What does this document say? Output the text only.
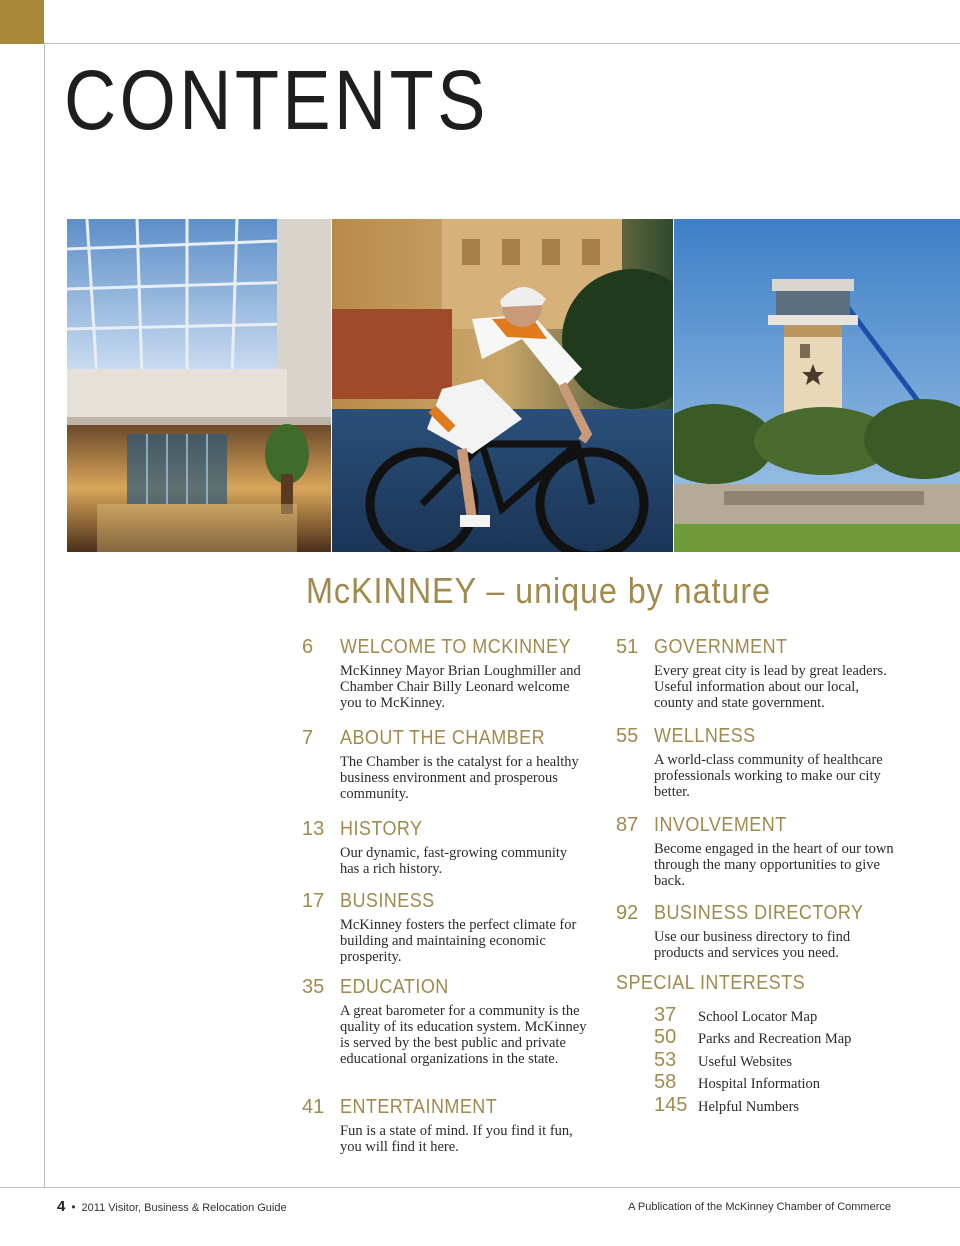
CONTENTS
McKINNEY – unique by nature
6 WELCOME TO MCKINNEY

McKinney Mayor Brian Loughmiller and Chamber Chair Billy Leonard welcome you to McKinney.

7 ABOUT THE CHAMBER

The Chamber is the catalyst for a healthy business environment and prosperous community.

13 HISTORY

Our dynamic, fast-growing community has a rich history.

17 BUSINESS

McKinney fosters the perfect climate for building and maintaining economic prosperity.

35 EDUCATION

A great barometer for a community is the quality of its education system. McKinney is served by the best public and private educational organizations in the state.

41 ENTERTAINMENT

Fun is a state of mind. If you find it fun, you will find it here.

51 GOVERNMENT

Every great city is lead by great leaders. Useful information about our local, county and state government.

55 WELLNESS

A world-class community of healthcare professionals working to make our city better.

87 INVOLVEMENT

Become engaged in the heart of our town through the many opportunities to give back.

92 BUSINESS DIRECTORY

Use our business directory to find products and services you need.

SPECIAL INTERESTS
37 School Locator Map
50 Parks and Recreation Map
53 Useful Websites
58 Hospital Information
145 Helpful Numbers
4 • 2011 Visitor, Business & Relocation Guide	A Publication of the McKinney Chamber of Commerce
